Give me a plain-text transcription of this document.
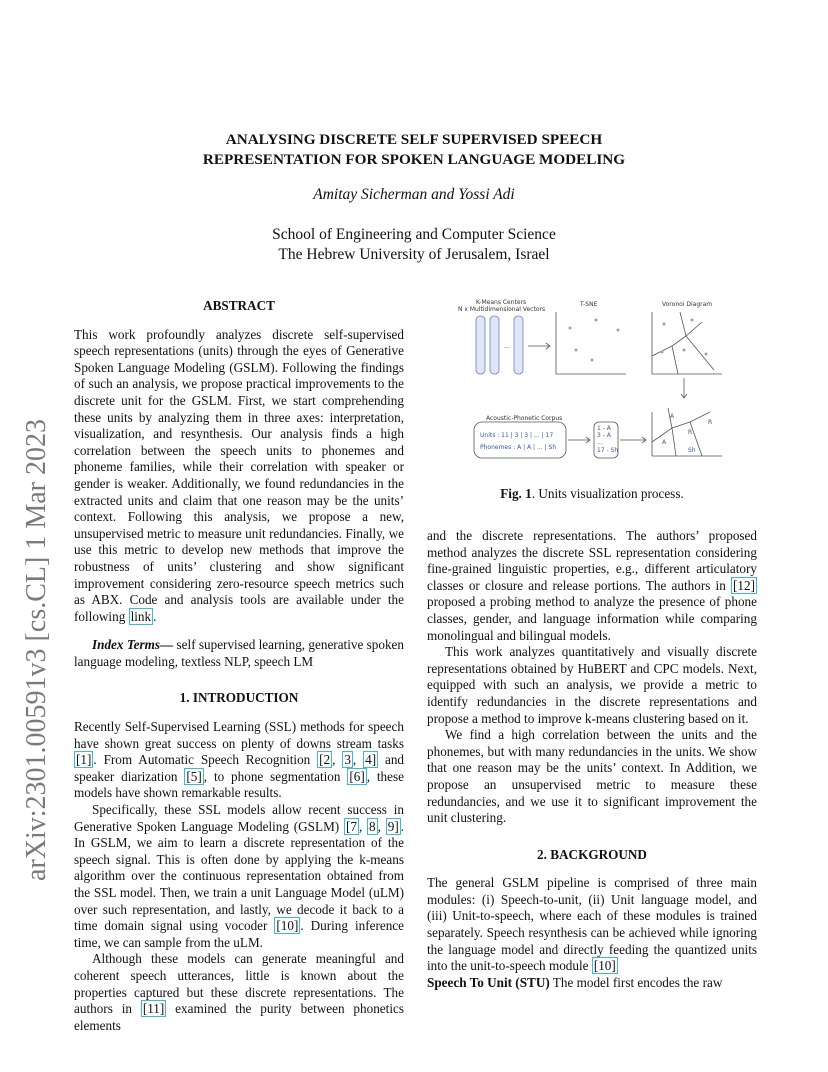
arXiv:2301.00591v3 [cs.CL] 1 Mar 2023
ANALYSING DISCRETE SELF SUPERVISED SPEECH
REPRESENTATION FOR SPOKEN LANGUAGE MODELING
Amitay Sicherman and Yossi Adi
School of Engineering and Computer Science
The Hebrew University of Jerusalem, Israel
ABSTRACT

This work profoundly analyzes discrete self-supervised speech representations (units) through the eyes of Generative Spoken Language Modeling (GSLM). Following the findings of such an analysis, we propose practical improvements to the discrete unit for the GSLM. First, we start comprehending these units by analyzing them in three axes: interpretation, visualization, and resynthesis. Our analysis finds a high correlation between the speech units to phonemes and phoneme families, while their correlation with speaker or gender is weaker. Additionally, we found redundancies in the extracted units and claim that one reason may be the units’ context. Following this analysis, we propose a new, unsupervised metric to measure unit redundancies. Finally, we use this metric to develop new methods that improve the robustness of units’ clustering and show significant improvement considering zero-resource speech metrics such as ABX. Code and analysis tools are available under the following link .

Index Terms— self supervised learning, generative spoken language modeling, textless NLP, speech LM

1. INTRODUCTION

Recently Self-Supervised Learning (SSL) methods for speech have shown great success on plenty of downs stream tasks [1] . From Automatic Speech Recognition [2 , 3 , 4] and speaker diarization [5] , to phone segmentation [6] , these models have shown remarkable results.

Specifically, these SSL models allow recent success in Generative Spoken Language Modeling (GSLM) [7 , 8 , 9] . In GSLM, we aim to learn a discrete representation of the speech signal. This is often done by applying the k-means algorithm over the continuous representation obtained from the SSL model. Then, we train a unit Language Model (uLM) over such representation, and lastly, we decode it back to a time domain signal using vocoder [10] . During inference time, we can sample from the uLM.

Although these models can generate meaningful and coherent speech utterances, little is known about the properties captured but these discrete representations. The authors in [11] examined the purity between phonetics elements

K-Means Centers
N x Multidimensional Vectors
...
T-SNE	Voronoi Diagram
Acoustic-Phonetic Corpus
Units : 11 | 3 | 3 | ... | 17
Phonemes : A | A | ... | Sh
1 - A
3 - A
...
17 - Sh
A
R
A
R
Sh
Fig. 1. Units visualization process.

and the discrete representations. The authors’ proposed method analyzes the discrete SSL representation considering fine-grained linguistic properties, e.g., different articulatory classes or closure and release portions. The authors in [12] proposed a probing method to analyze the presence of phone classes, gender, and language information while comparing monolingual and bilingual models.

This work analyzes quantitatively and visually discrete representations obtained by HuBERT and CPC models. Next, equipped with such an analysis, we provide a metric to identify redundancies in the discrete representations and propose a method to improve k-means clustering based on it.

We find a high correlation between the units and the phonemes, but with many redundancies in the units. We show that one reason may be the units’ context. In Addition, we propose an unsupervised metric to measure these redundancies, and we use it to significant improvement the unit clustering.

2. BACKGROUND

The general GSLM pipeline is comprised of three main modules: (i) Speech-to-unit, (ii) Unit language model, and (iii) Unit-to-speech, where each of these modules is trained separately. Speech resynthesis can be achieved while ignoring the language model and directly feeding the quantized units into the unit-to-speech module [10]

Speech To Unit (STU) The model first encodes the raw
